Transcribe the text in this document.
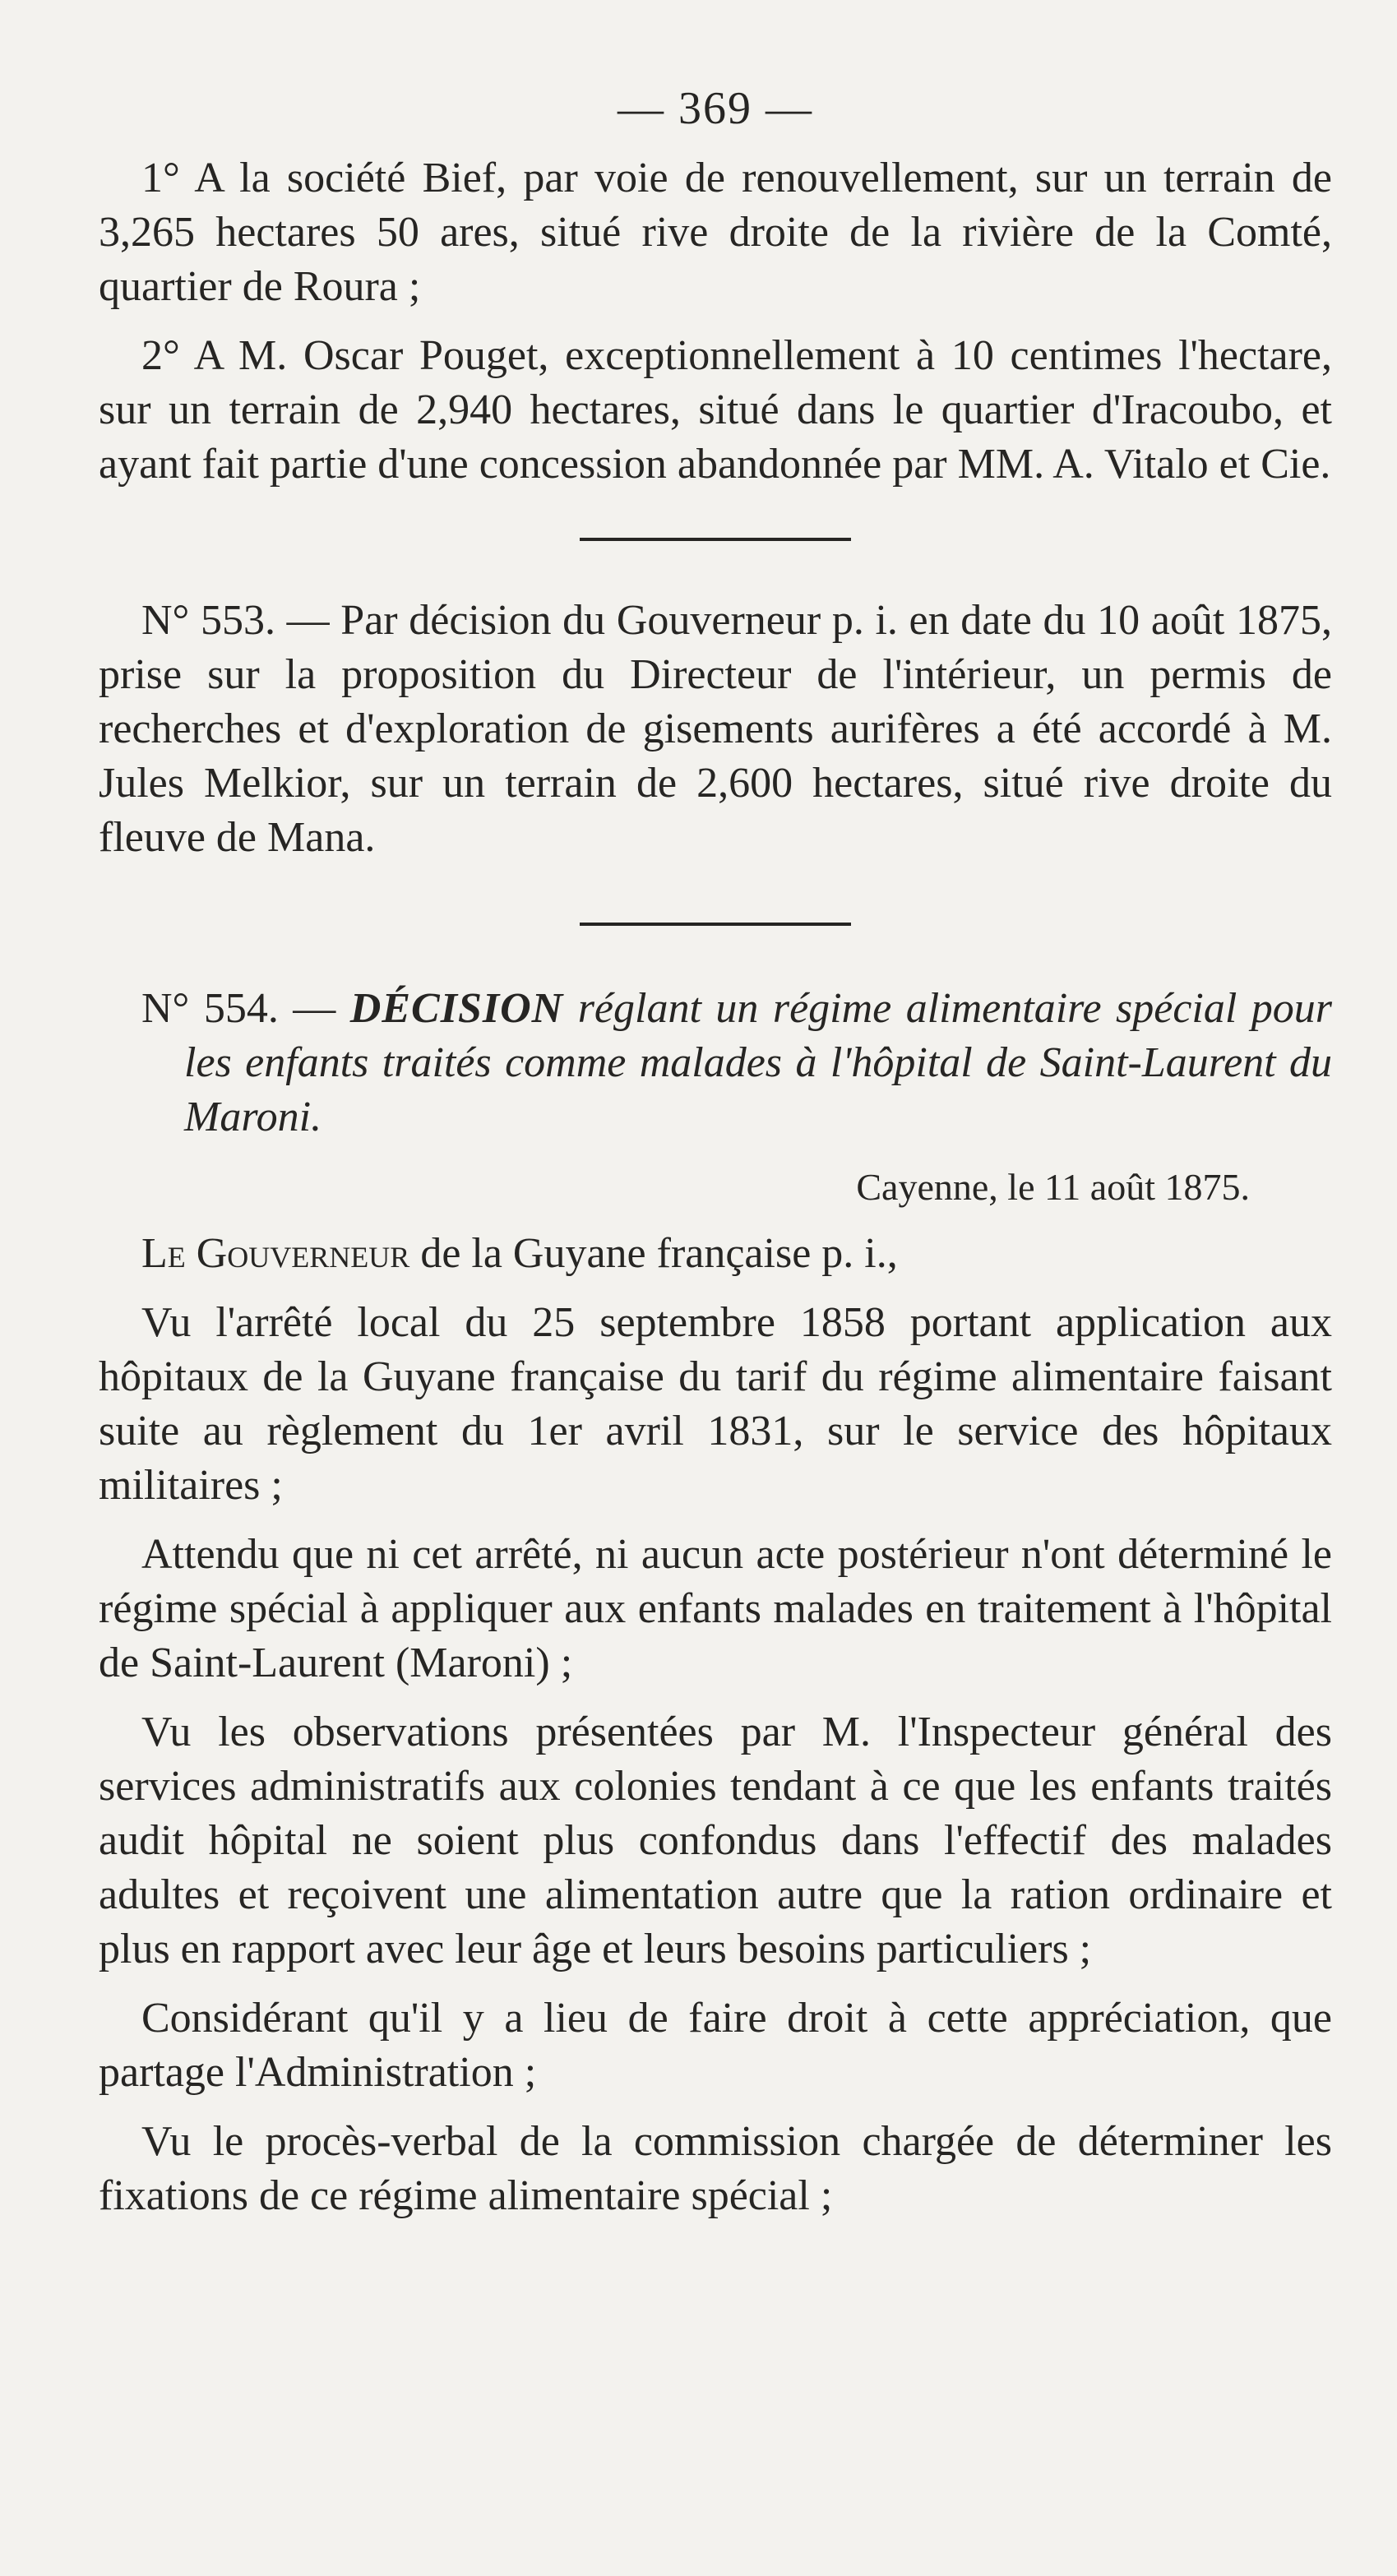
— 369 —

1° A la société Bief, par voie de renouvellement, sur un terrain de 3,265 hectares 50 ares, situé rive droite de la rivière de la Comté, quartier de Roura ;

2° A M. Oscar Pouget, exceptionnellement à 10 centimes l'hectare, sur un terrain de 2,940 hectares, situé dans le quartier d'Iracoubo, et ayant fait partie d'une concession abandonnée par MM. A. Vitalo et Cie.

N° 553. — Par décision du Gouverneur p. i. en date du 10 août 1875, prise sur la proposition du Directeur de l'intérieur, un permis de recherches et d'exploration de gisements aurifères a été accordé à M. Jules Melkior, sur un terrain de 2,600 hectares, situé rive droite du fleuve de Mana.

N° 554. — DÉCISION réglant un régime alimentaire spécial pour les enfants traités comme malades à l'hôpital de Saint-Laurent du Maroni.

Cayenne, le 11 août 1875.

Le Gouverneur de la Guyane française p. i.,

Vu l'arrêté local du 25 septembre 1858 portant application aux hôpitaux de la Guyane française du tarif du régime alimentaire faisant suite au règlement du 1er avril 1831, sur le service des hôpitaux militaires ;

Attendu que ni cet arrêté, ni aucun acte postérieur n'ont déterminé le régime spécial à appliquer aux enfants malades en traitement à l'hôpital de Saint-Laurent (Maroni) ;

Vu les observations présentées par M. l'Inspecteur général des services administratifs aux colonies tendant à ce que les enfants traités audit hôpital ne soient plus confondus dans l'effectif des malades adultes et reçoivent une alimentation autre que la ration ordinaire et plus en rapport avec leur âge et leurs besoins particuliers ;

Considérant qu'il y a lieu de faire droit à cette appréciation, que partage l'Administration ;

Vu le procès-verbal de la commission chargée de déterminer les fixations de ce régime alimentaire spécial ;
